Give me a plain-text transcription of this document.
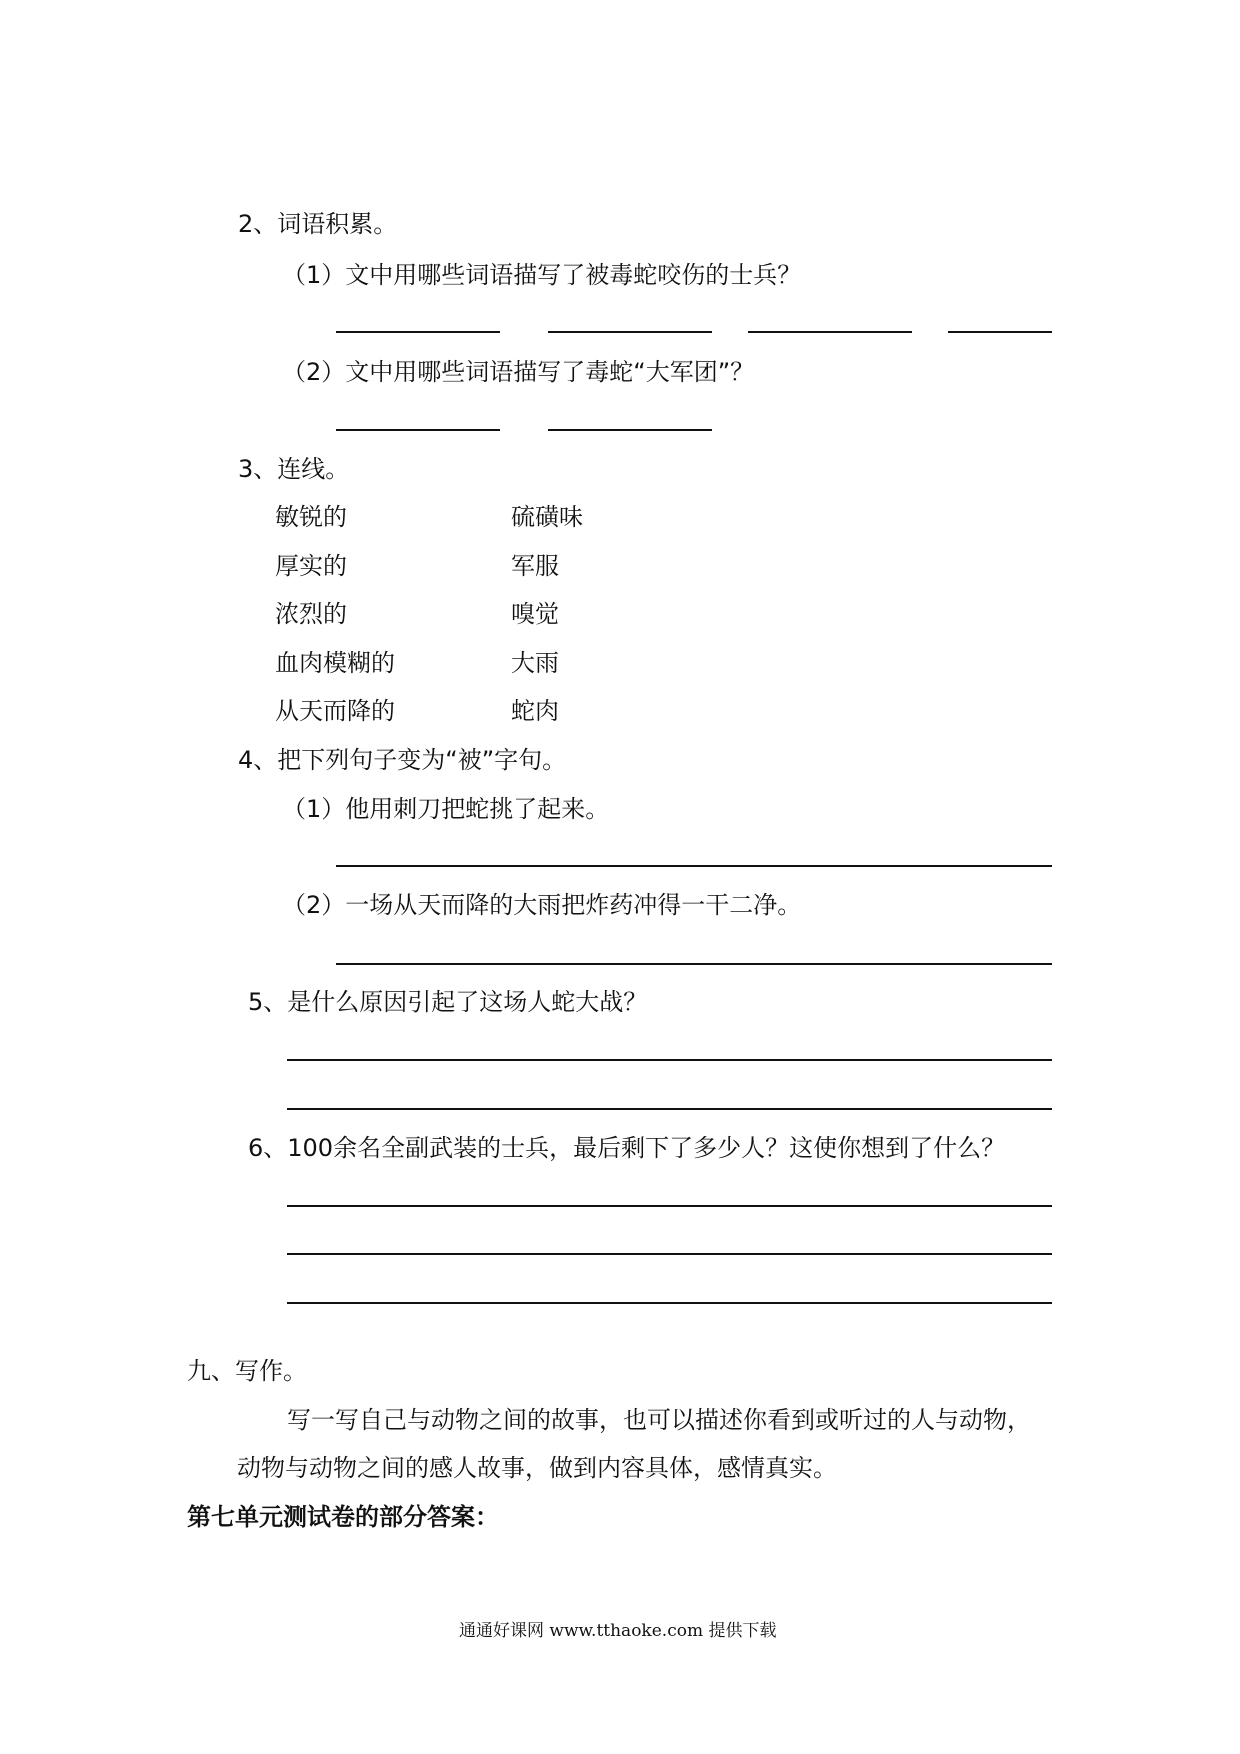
2、词语积累。
（1）文中用哪些词语描写了被毒蛇咬伤的士兵？
（2）文中用哪些词语描写了毒蛇“大军团”？
3、连线。
敏锐的
厚实的
浓烈的
血肉模糊的
从天而降的
硫磺味
军服
嗅觉
大雨
蛇肉
4、把下列句子变为“被”字句。
（1）他用刺刀把蛇挑了起来。
（2）一场从天而降的大雨把炸药冲得一干二净。
5、是什么原因引起了这场人蛇大战？
6、100余名全副武装的士兵，最后剩下了多少人？这使你想到了什么？
九、写作。
写一写自己与动物之间的故事，也可以描述你看到或听过的人与动物，
动物与动物之间的感人故事，做到内容具体，感情真实。
第七单元测试卷的部分答案：
通通好课网 www.tthaoke.com 提供下载
